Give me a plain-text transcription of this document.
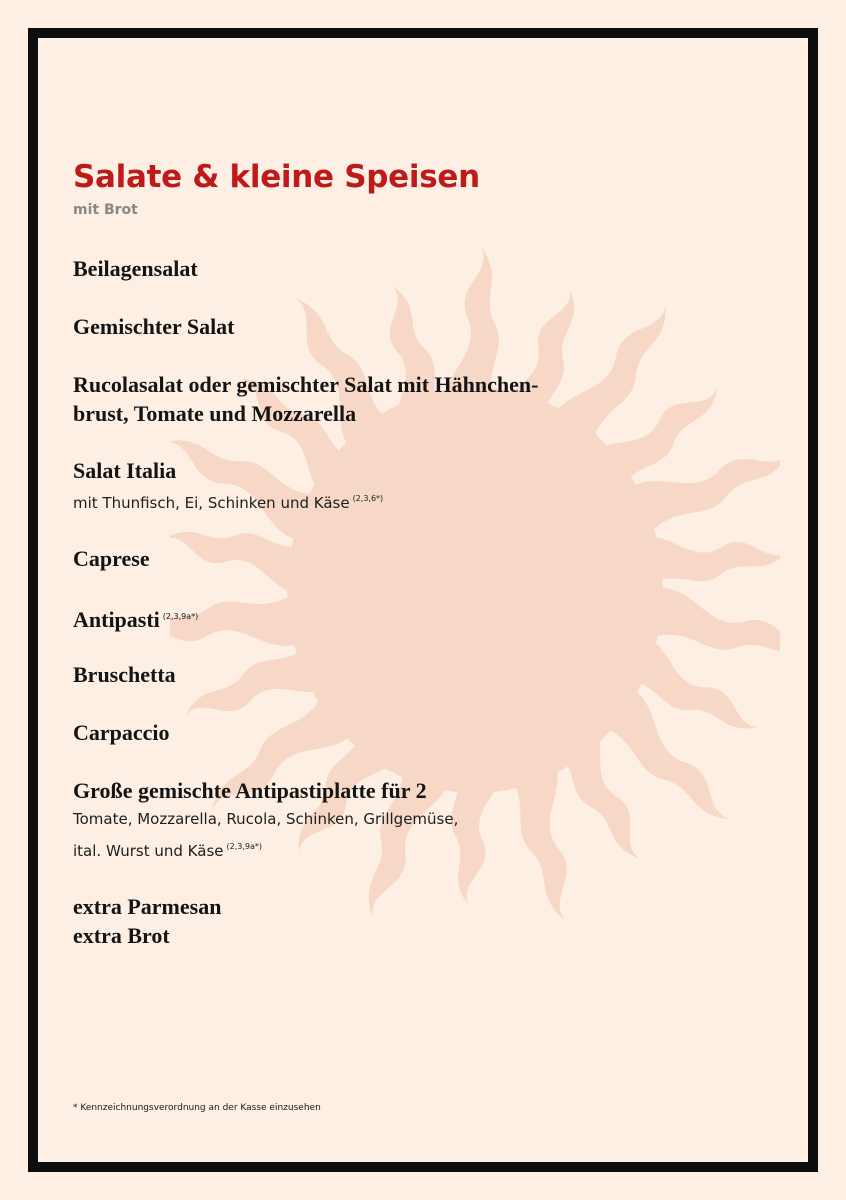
Salate & kleine Speisen

mit Brot

Beilagensalat

Gemischter Salat

Rucolasalat oder gemischter Salat mit Hähnchen-

brust, Tomate und Mozzarella

Salat Italia

mit Thunfisch, Ei, Schinken und Käse $^{(2,3,6*)}$

Caprese

Antipasti $^{(2,3,9a*)}$

Bruschetta

Carpaccio

Große gemischte Antipastiplatte für 2

Tomate, Mozzarella, Rucola, Schinken, Grillgemüse,

ital. Wurst und Käse $^{(2,3,9a*)}$

extra Parmesan

extra Brot

* Kennzeichnungsverordnung an der Kasse einzusehen
